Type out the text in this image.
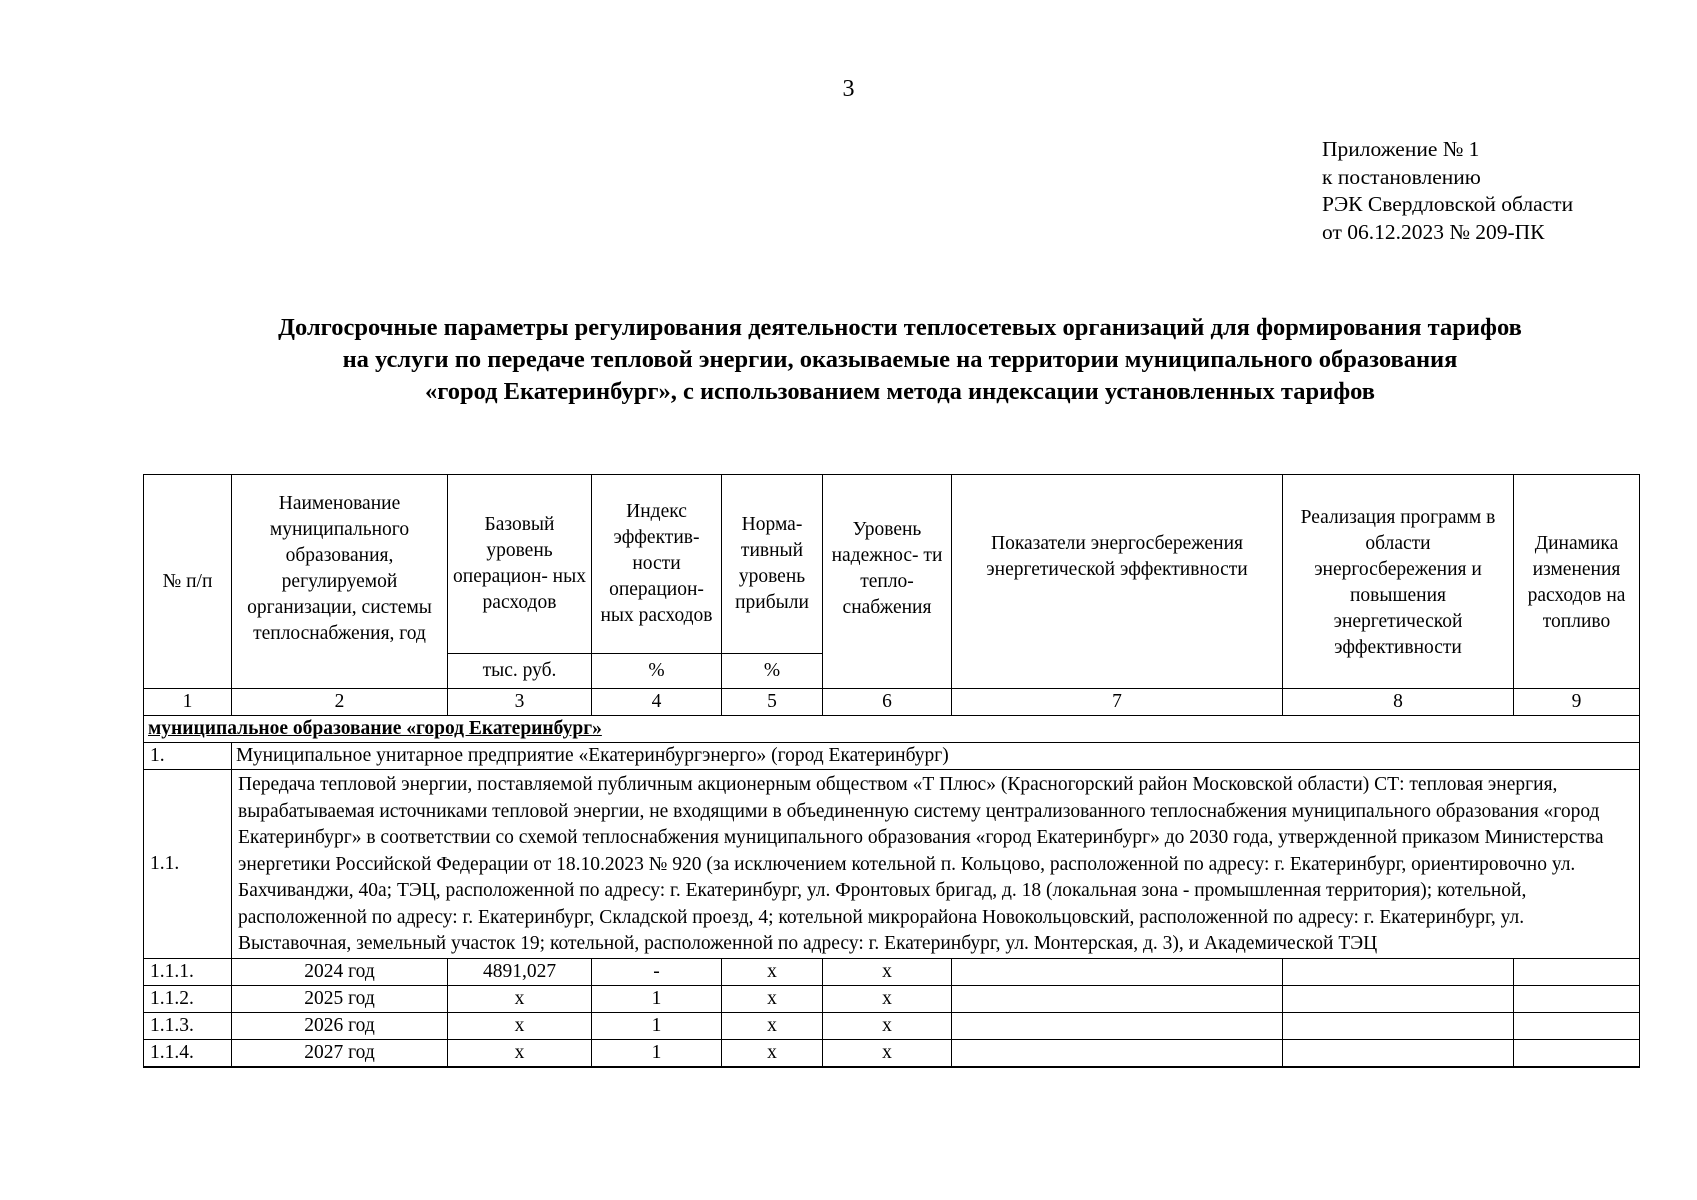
3
Приложение № 1
к постановлению
РЭК Свердловской области
от 06.12.2023 № 209-ПК
Долгосрочные параметры регулирования деятельности теплосетевых организаций для формирования тарифов
на услуги по передаче тепловой энергии, оказываемые на территории муниципального образования
«город Екатеринбург», с использованием метода индексации установленных тарифов
№ п/п	Наименование муниципального образования, регулируемой организации, системы теплоснабжения, год	Базовый уровень операцион- ных расходов	Индекс эффектив- ности операцион- ных расходов	Норма- тивный уровень прибыли	Уровень надежнос- ти тепло- снабжения	Показатели энергосбережения энергетической эффективности	Реализация программ в области энергосбережения и повышения энергетической эффективности	Динамика изменения расходов на топливо
		тыс. руб.	%	%				
1	2	3	4	5	6	7	8	9
муниципальное образование «город Екатеринбург»								
1.	Муниципальное унитарное предприятие «Екатеринбургэнерго» (город Екатеринбург)							
1.1.	Передача тепловой энергии, поставляемой публичным акционерным обществом «Т Плюс» (Красногорский район Московской области) СТ: тепловая энергия, вырабатываемая источниками тепловой энергии, не входящими в объединенную систему централизованного теплоснабжения муниципального образования «город Екатеринбург» в соответствии со схемой теплоснабжения муниципального образования «город Екатеринбург» до 2030 года, утвержденной приказом Министерства энергетики Российской Федерации от 18.10.2023 № 920 (за исключением котельной п. Кольцово, расположенной по адресу: г. Екатеринбург, ориентировочно ул. Бахчиванджи, 40а; ТЭЦ, расположенной по адресу: г. Екатеринбург, ул. Фронтовых бригад, д. 18 (локальная зона - промышленная территория); котельной, расположенной по адресу: г. Екатеринбург, Складской проезд, 4; котельной микрорайона Новокольцовский, расположенной по адресу: г. Екатеринбург, ул. Выставочная, земельный участок 19; котельной, расположенной по адресу: г. Екатеринбург, ул. Монтерская, д. 3), и Академической ТЭЦ							

1.1.1.	2024 год	4891,027	-	x	x			
1.1.2.	2025 год	x	1	x	x			
1.1.3.	2026 год	x	1	x	x			
1.1.4.	2027 год	x	1	x	x			
